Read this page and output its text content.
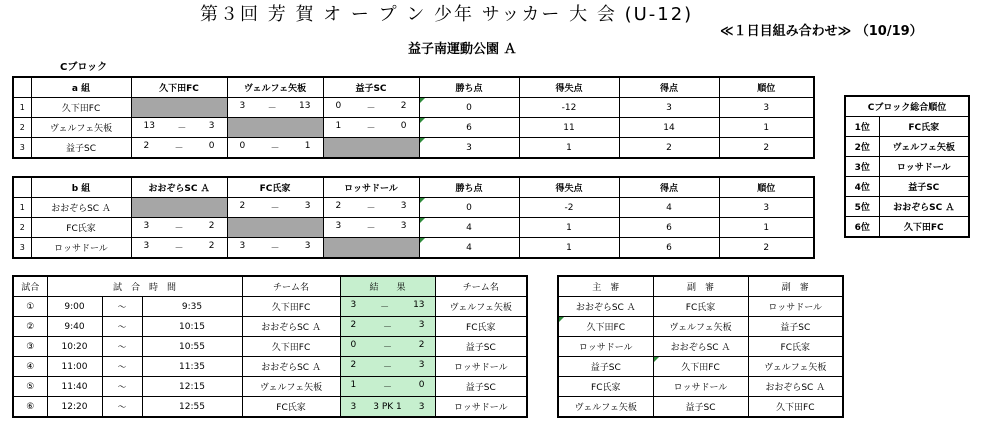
第３回 芳 賀 オ ー プ ン 少年 サッカー 大 会 (U-12)
≪１日目組み合わせ≫ （10/19）
益子南運動公園 Ａ
Cブロック
	a 組	久下田FC	ヴェルフェ矢板	益子SC	勝ち点	得失点	得点	順位
1	久下田FC		3 － 13	0 － 2	0	-12	3	3
2	ヴェルフェ矢板	13 － 3		1 － 0	6	11	14	1
3	益子SC	2 － 0	0 － 1		3	1	2	2
	b 組	おおぞらSC Ａ	FC氏家	ロッサドール	勝ち点	得失点	得点	順位
1	おおぞらSC Ａ		2 － 3	2 － 3	0	-2	4	3
2	FC氏家	3 － 2		3 － 3	4	1	6	1
3	ロッサドール	3 － 2	3 － 3		4	1	6	2
Cブロック総合順位	
1位	FC氏家
2位	ヴェルフェ矢板
3位	ロッサドール
4位	益子SC
5位	おおぞらSC Ａ
6位	久下田FC
試合	試　合　時　間			チーム名	結　　果	チーム名
①	9:00	～	9:35	久下田FC	3 － 13	ヴェルフェ矢板
②	9:40	～	10:15	おおぞらSC Ａ	2 － 3	FC氏家
③	10:20	～	10:55	久下田FC	0 － 2	益子SC
④	11:00	～	11:35	おおぞらSC Ａ	2 － 3	ロッサドール
⑤	11:40	～	12:15	ヴェルフェ矢板	1 － 0	益子SC
⑥	12:20	～	12:55	FC氏家	3 3 PK 1 3	ロッサドール
主　審	副　審	副　審
おおぞらSC Ａ	FC氏家	ロッサドール
久下田FC	ヴェルフェ矢板	益子SC
ロッサドール	おおぞらSC Ａ	FC氏家
益子SC	久下田FC	ヴェルフェ矢板
FC氏家	ロッサドール	おおぞらSC Ａ
ヴェルフェ矢板	益子SC	久下田FC
